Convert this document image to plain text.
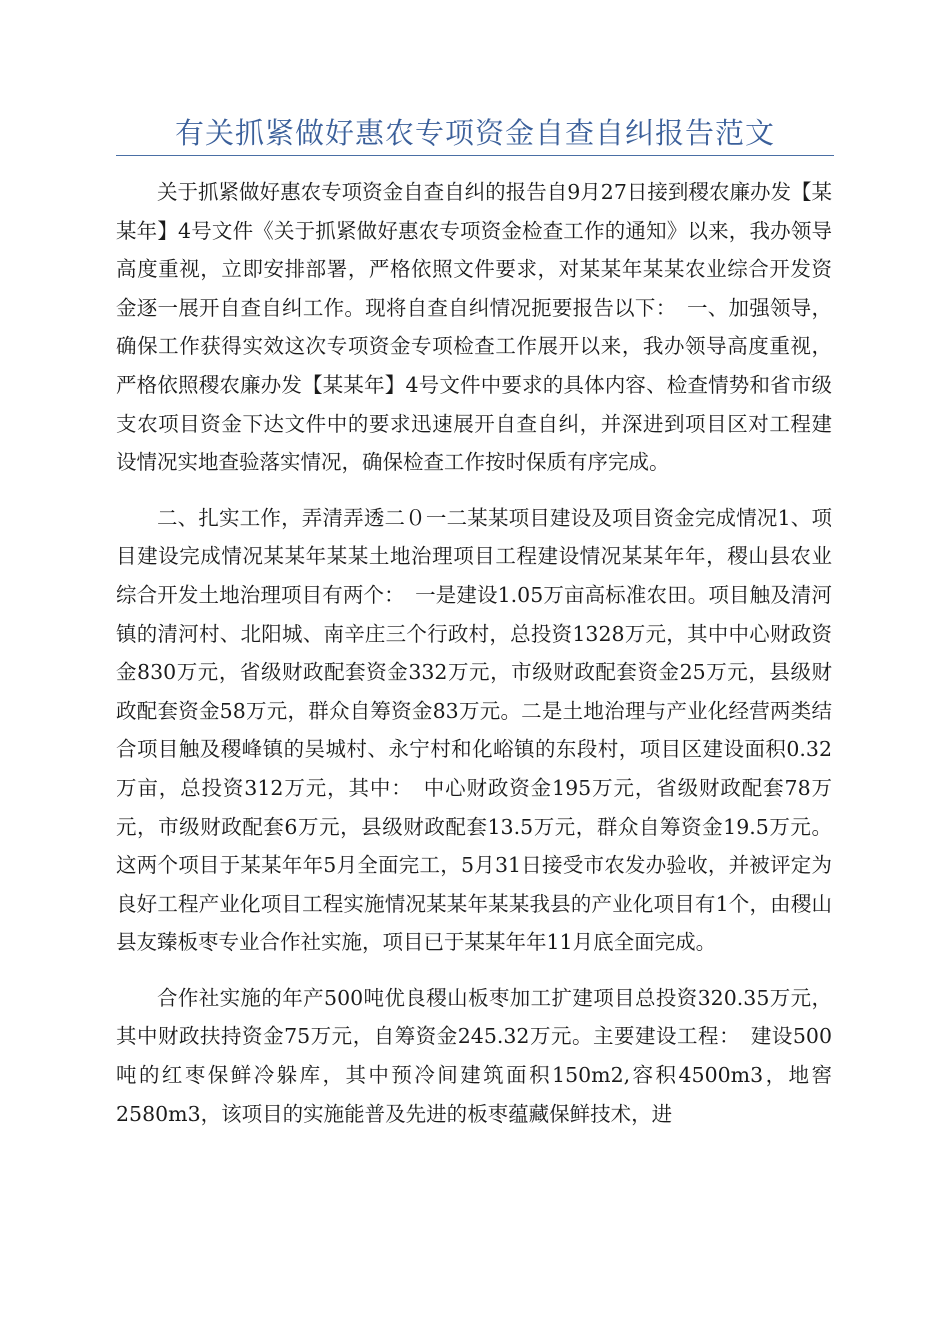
有关抓紧做好惠农专项资金自查自纠报告范文

关于抓紧做好惠农专项资金自查自纠的报告自9月27日接到稷农廉办发【某某年】4号文件《关于抓紧做好惠农专项资金检查工作的通知》以来，我办领导高度重视，立即安排部署，严格依照文件要求，对某某年某某农业综合开发资金逐一展开自查自纠工作。现将自查自纠情况扼要报告以下：　一、加强领导，确保工作获得实效这次专项资金专项检查工作展开以来，我办领导高度重视，严格依照稷农廉办发【某某年】4号文件中要求的具体内容、检查情势和省市级支农项目资金下达文件中的要求迅速展开自查自纠，并深进到项目区对工程建设情况实地查验落实情况，确保检查工作按时保质有序完成。

二、扎实工作，弄清弄透二０一二某某项目建设及项目资金完成情况1、项目建设完成情况某某年某某土地治理项目工程建设情况某某年年，稷山县农业综合开发土地治理项目有两个：　一是建设1.05万亩高标准农田。项目触及清河镇的清河村、北阳城、南辛庄三个行政村，总投资1328万元，其中中心财政资金830万元，省级财政配套资金332万元，市级财政配套资金25万元，县级财政配套资金58万元，群众自筹资金83万元。二是土地治理与产业化经营两类结合项目触及稷峰镇的吴城村、永宁村和化峪镇的东段村，项目区建设面积0.32万亩，总投资312万元，其中：　中心财政资金195万元，省级财政配套78万元，市级财政配套6万元，县级财政配套13.5万元，群众自筹资金19.5万元。这两个项目于某某年年5月全面完工，5月31日接受市农发办验收，并被评定为良好工程产业化项目工程实施情况某某年某某我县的产业化项目有1个，由稷山县友臻板枣专业合作社实施，项目已于某某年年11月底全面完成。

合作社实施的年产500吨优良稷山板枣加工扩建项目总投资320.35万元，其中财政扶持资金75万元，自筹资金245.32万元。主要建设工程：　建设500吨的红枣保鲜冷躲库，其中预冷间建筑面积150m2,容积4500m3，地窖2580m3，该项目的实施能普及先进的板枣蕴藏保鲜技术，进
